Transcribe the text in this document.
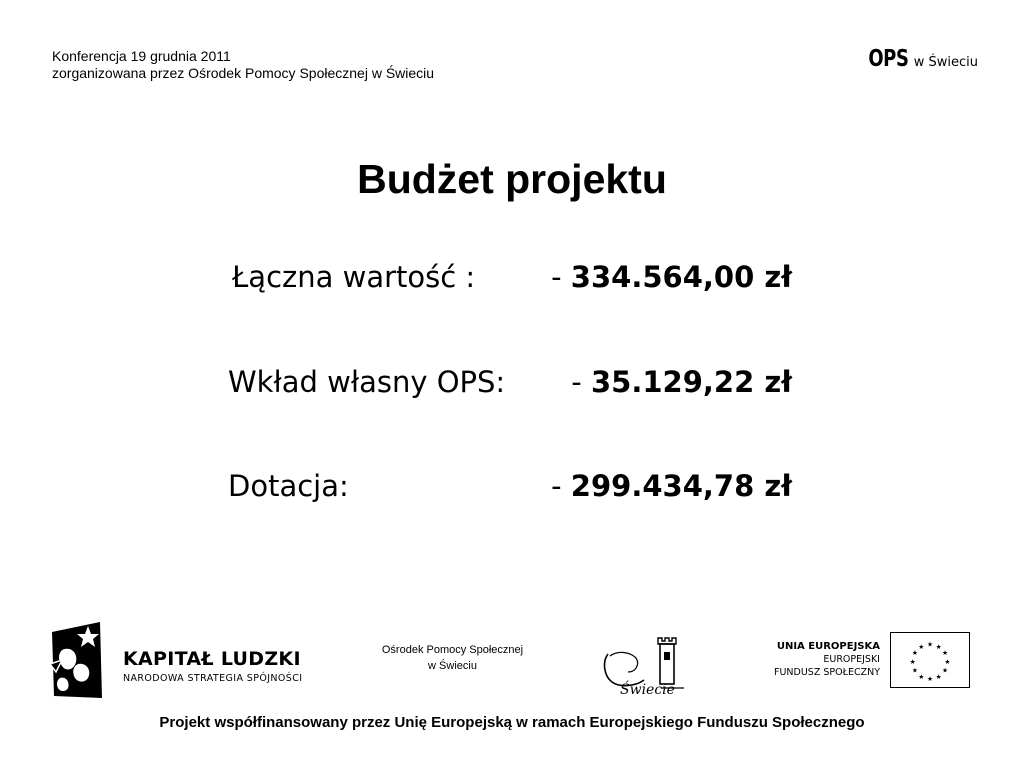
Konferencja 19 grudnia 2011
zorganizowana przez Ośrodek Pomocy Społecznej w Świeciu
OPS w Świeciu
Budżet projektu
Łączna wartość :	- 334.564,00 zł
Wkład własny OPS: - 35.129,22 zł
Dotacja:	- 299.434,78 zł
KAPITAŁ LUDZKI
NARODOWA STRATEGIA SPÓJNOŚCI
Ośrodek Pomocy Społecznej
w Świeciu
Świecie
UNIA EUROPEJSKA
EUROPEJSKI
FUNDUSZ SPOŁECZNY
★ ★
★
★
★
★
★
★
★
★
★
★
Projekt współfinansowany przez Unię Europejską w ramach Europejskiego Funduszu Społecznego
